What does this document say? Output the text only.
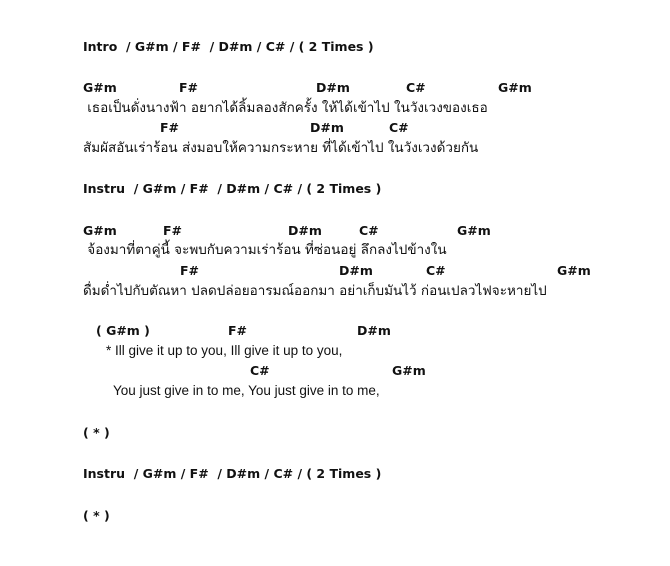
Intro  / G#m / F#  / D#m / C# / ( 2 Times )
G#m	F#	D#m	C#	G#m
เธอเป็นดั่งนางฟ้า อยากได้ลิ้มลองสักครั้ง ให้ได้เข้าไป ในวังเวงของเธอ
F#	D#m	C#
สัมผัสอันเร่าร้อน ส่งมอบให้ความกระหาย ที่ได้เข้าไป ในวังเวงด้วยกัน
Instru  / G#m / F#  / D#m / C# / ( 2 Times )
G#m	F#	D#m	C#	G#m
จ้องมาที่ตาคู่นี้ จะพบกับความเร่าร้อน ที่ซ่อนอยู่ ลึกลงไปข้างใน
F#	D#m	C#	G#m
ดื่มด่ำไปกับตัณหา ปลดปล่อยอารมณ์ออกมา อย่าเก็บมันไว้ ก่อนเปลวไฟจะหายไป
( G#m )	F#	D#m
* Ill give it up to you, Ill give it up to you,
C#	G#m
You just give in to me, You just give in to me,
( * )
Instru  / G#m / F#  / D#m / C# / ( 2 Times )
( * )
